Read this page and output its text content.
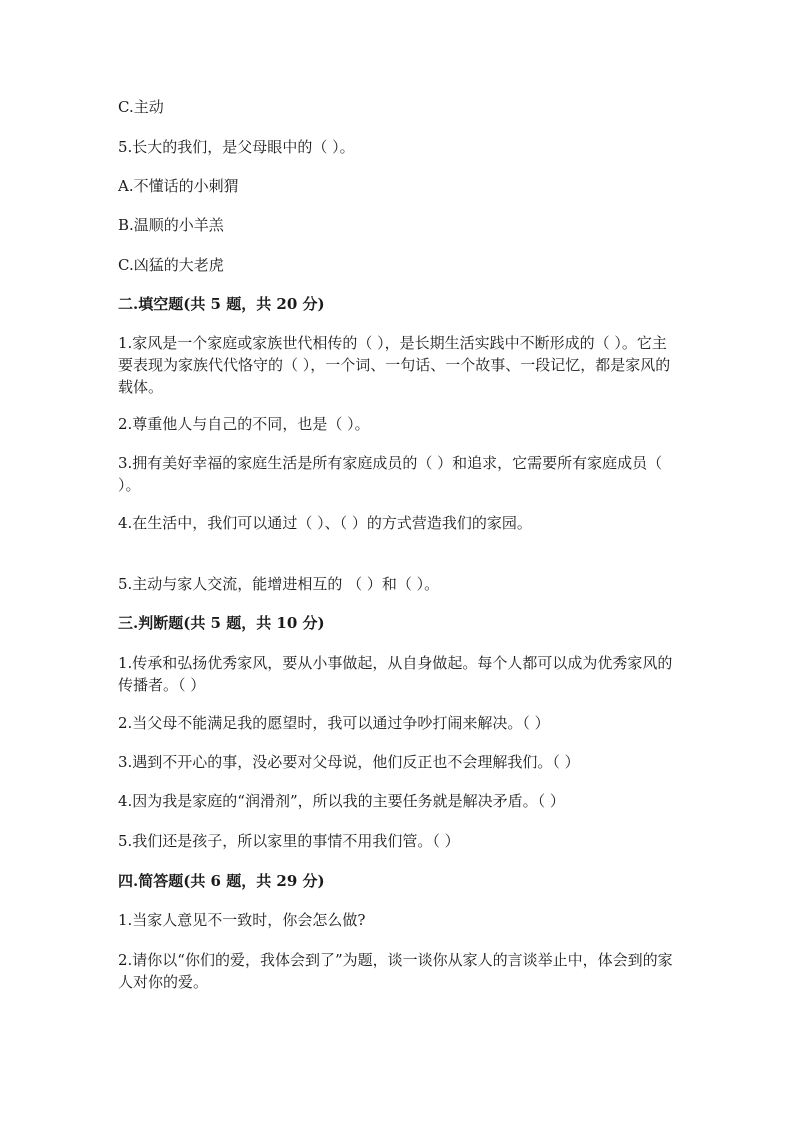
C.主动
5.长大的我们，是父母眼中的（ ）。
A.不懂话的小刺猬
B.温顺的小羊羔
C.凶猛的大老虎
二.填空题(共 5 题，共 20 分)
1.家风是一个家庭或家族世代相传的（ ），是长期生活实践中不断形成的（ ）。它主要表现为家族代代恪守的（ ），一个词、一句话、一个故事、一段记忆，都是家风的载体。
2.尊重他人与自己的不同，也是（ ）。
3.拥有美好幸福的家庭生活是所有家庭成员的（ ）和追求，它需要所有家庭成员（ ）。
4.在生活中，我们可以通过（ ）、（ ）的方式营造我们的家园。
5.主动与家人交流，能增进相互的 （ ）和（ ）。
三.判断题(共 5 题，共 10 分)
1.传承和弘扬优秀家风，要从小事做起，从自身做起。每个人都可以成为优秀家风的传播者。（ ）
2.当父母不能满足我的愿望时，我可以通过争吵打闹来解决。（ ）
3.遇到不开心的事，没必要对父母说，他们反正也不会理解我们。（ ）
4.因为我是家庭的“润滑剂”，所以我的主要任务就是解决矛盾。（ ）
5.我们还是孩子，所以家里的事情不用我们管。（ ）
四.简答题(共 6 题，共 29 分)
1.当家人意见不一致时，你会怎么做?
2.请你以“你们的爱，我体会到了”为题，谈一谈你从家人的言谈举止中，体会到的家人对你的爱。
